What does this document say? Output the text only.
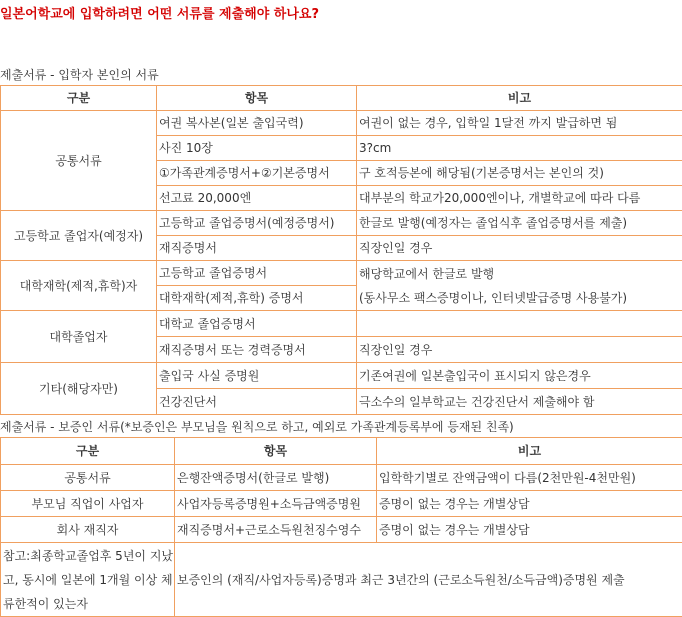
일본어학교에 입학하려면 어떤 서류를 제출해야 하나요?
제출서류 - 입학자 본인의 서류
구분	항목	비고
공통서류	여권 복사본(일본 출입국력)	여권이 없는 경우, 입학일 1달전 까지 발급하면 됨
	사진 10장	3?cm
	①가족관계증명서+②기본증명서	구 호적등본에 해당됨(기본증명서는 본인의 것)
	선고료 20,000엔	대부분의 학교가20,000엔이나, 개별학교에 따라 다름
고등학교 졸업자(예정자)	고등학교 졸업증명서(예정증명서)	한글로 발행(예정자는 졸업식후 졸업증명서를 제출)
	재직증명서	직장인일 경우
대학재학(제적,휴학)자	고등학교 졸업증명서	해당학교에서 한글로 발행
(동사무소 팩스증명이나, 인터넷발급증명 사용불가)
	대학재학(제적,휴학) 증명서	
대학졸업자	대학교 졸업증명서	
	재직증명서 또는 경력증명서	직장인일 경우
기타(해당자만)	출입국 사실 증명원	기존여권에 일본출입국이 표시되지 않은경우
	건강진단서	극소수의 일부학교는 건강진단서 제출해야 함
제출서류 - 보증인 서류(*보증인은 부모님을 원칙으로 하고, 예외로 가족관계등록부에 등재된 친족)
구분	항목	비고
공통서류	은행잔액증명서(한글로 발행)	입학학기별로 잔액금액이 다름(2천만원-4천만원)
부모님 직업이 사업자	사업자등록증명원+소득금액증명원	증명이 없는 경우는 개별상담
회사 재직자	재직증명서+근로소득원천징수영수	증명이 없는 경우는 개별상담
참고:최종학교졸업후 5년이 지났고, 동시에 일본에 1개월 이상 체류한적이 있는자	보증인의 (재직/사업자등록)증명과 최근 3년간의 (근로소득원천/소득금액)증명원 제출	
